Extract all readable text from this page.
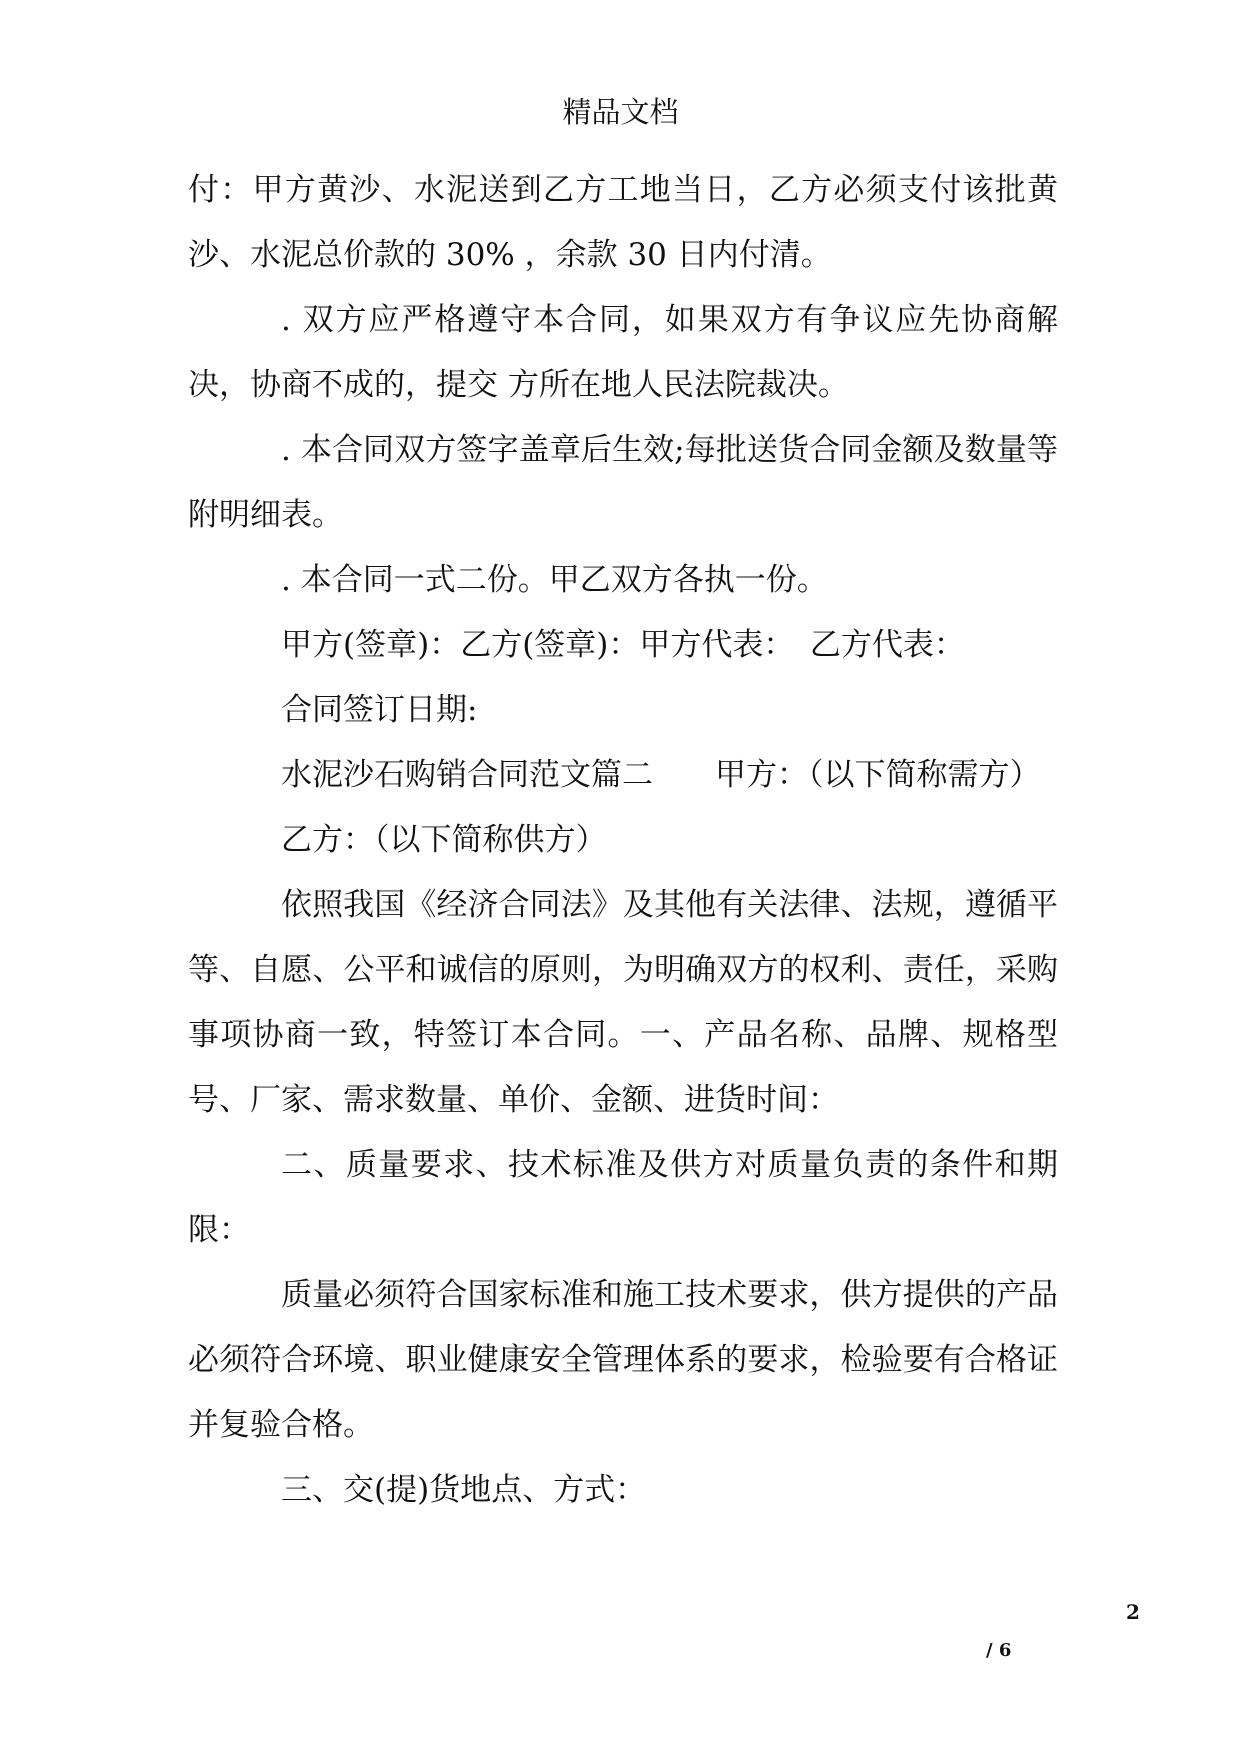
精品文档

付：甲方黄沙、水泥送到乙方工地当日，乙方必须支付该批黄沙、水泥总价款的 30% ，余款 30 日内付清。

. 双方应严格遵守本合同，如果双方有争议应先协商解决，协商不成的，提交 方所在地人民法院裁决。

. 本合同双方签字盖章后生效;每批送货合同金额及数量等附明细表。

. 本合同一式二份。甲乙双方各执一份。

甲方(签章)：乙方(签章)：甲方代表：　乙方代表：

合同签订日期:

水泥沙石购销合同范文篇二　　甲方：（以下简称需方）

乙方：（以下简称供方）

依照我国《经济合同法》及其他有关法律、法规，遵循平等、自愿、公平和诚信的原则，为明确双方的权利、责任，采购事项协商一致，特签订本合同。一、产品名称、品牌、规格型号、厂家、需求数量、单价、金额、进货时间：

二、质量要求、技术标准及供方对质量负责的条件和期限：

质量必须符合国家标准和施工技术要求，供方提供的产品必须符合环境、职业健康安全管理体系的要求，检验要有合格证并复验合格。

三、交(提)货地点、方式：

2
/ 6
